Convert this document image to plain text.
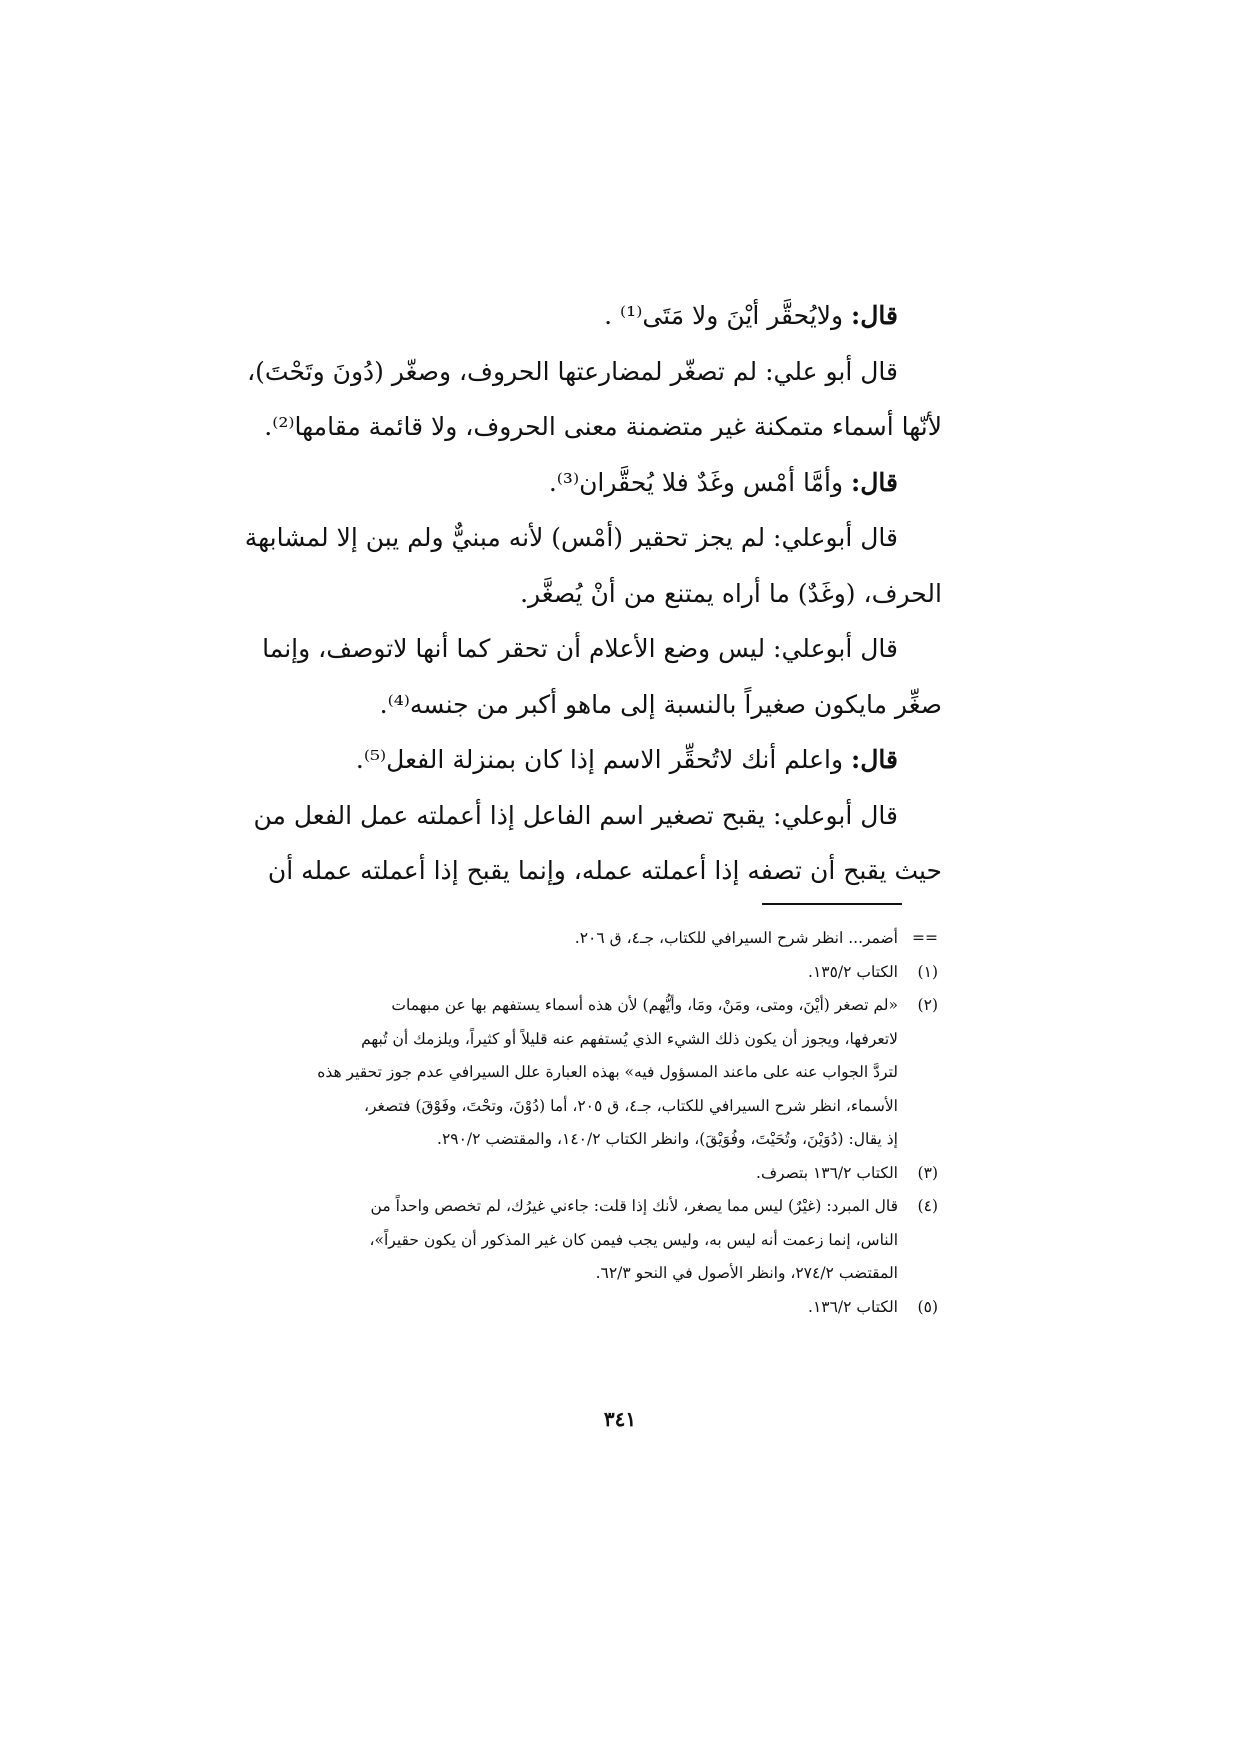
قال: ولايُحقَّر أيْنَ ولا مَتَى⁽¹⁾ .

قال أبو علي: لم تصغّر لمضارعتها الحروف، وصغّر (دُونَ وتَحْتَ)،

لأنّها أسماء متمكنة غير متضمنة معنى الحروف، ولا قائمة مقامها⁽²⁾.

قال: وأمَّا أمْس وغَدٌ فلا يُحقَّران⁽³⁾.

قال أبوعلي: لم يجز تحقير (أمْس) لأنه مبنيٌّ ولم يبن إلا لمشابهة

الحرف، (وغَدٌ) ما أراه يمتنع من أنْ يُصغَّر.

قال أبوعلي: ليس وضع الأعلام أن تحقر كما أنها لاتوصف، وإنما

صغِّر مايكون صغيراً بالنسبة إلى ماهو أكبر من جنسه⁽⁴⁾.

قال: واعلم أنك لاتُحقِّر الاسم إذا كان بمنزلة الفعل⁽⁵⁾.

قال أبوعلي: يقبح تصغير اسم الفاعل إذا أعملته عمل الفعل من

حيث يقبح أن تصفه إذا أعملته عمله، وإنما يقبح إذا أعملته عمله أن

==
أضمر... انظر شرح السيرافي للكتاب، جـ٤، ق ٢٠٦.
(١)
الكتاب ١٣٥/٢.
(٢)
«لم تصغر (أيْنَ، ومتى، ومَنْ، ومَا، وأيُّهم) لأن هذه أسماء يستفهم بها عن مبهمات
لاتعرفها، ويجوز أن يكون ذلك الشيء الذي يُستفهم عنه قليلاً أو كثيراً، ويلزمك أن تُبهم
لتردَّ الجواب عنه على ماعند المسؤول فيه» بهذه العبارة علل السيرافي عدم جوز تحقير هذه
الأسماء، انظر شرح السيرافي للكتاب، جـ٤، ق ٢٠٥، أما (دُوْنَ، وتحْتَ، وفَوْقَ) فتصغر،
إذ يقال: (دُوَيْنَ، وتُحَيْتَ، وفُوَيْقَ)، وانظر الكتاب ١٤٠/٢، والمقتضب ٢٩٠/٢.
(٣)
الكتاب ١٣٦/٢ بتصرف.
(٤)
قال المبرد: (غيْرٌ) ليس مما يصغر، لأنك إذا قلت: جاءني غيرُك، لم تخصص واحداً من
الناس، إنما زعمت أنه ليس به، وليس يجب فيمن كان غير المذكور أن يكون حقيراً»،
المقتضب ٢٧٤/٢، وانظر الأصول في النحو ٦٢/٣.
(٥)
الكتاب ١٣٦/٢.
٣٤١
